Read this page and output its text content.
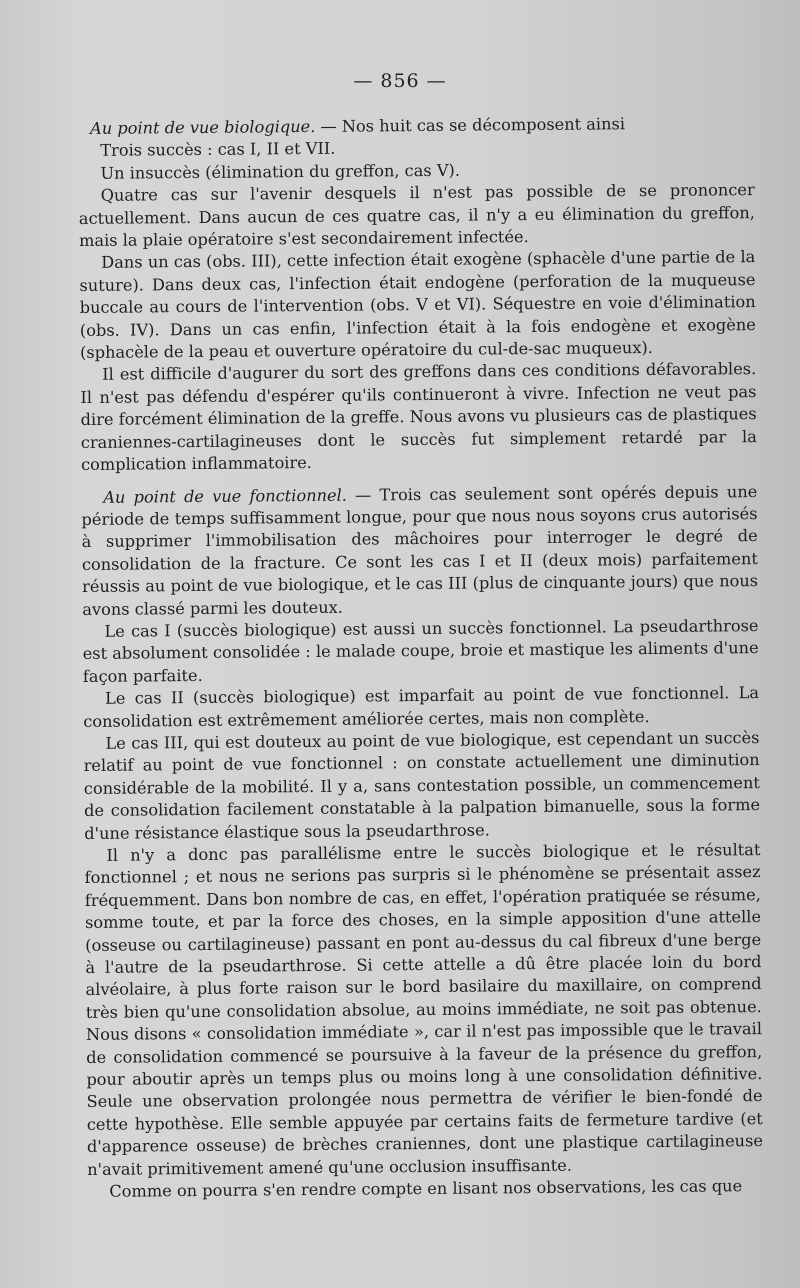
— 856 —

Au point de vue biologique. — Nos huit cas se décomposent ainsi

Trois succès : cas I, II et VII.

Un insuccès (élimination du greffon, cas V).

Quatre cas sur l'avenir desquels il n'est pas possible de se prononcer actuellement. Dans aucun de ces quatre cas, il n'y a eu élimination du greffon, mais la plaie opératoire s'est secondairement infectée.

Dans un cas (obs. III), cette infection était exogène (sphacèle d'une partie de la suture). Dans deux cas, l'infection était endogène (perforation de la muqueuse buccale au cours de l'intervention (obs. V et VI). Séquestre en voie d'élimination (obs. IV). Dans un cas enfin, l'infection était à la fois endogène et exogène (sphacèle de la peau et ouverture opératoire du cul-de-sac muqueux).

Il est difficile d'augurer du sort des greffons dans ces conditions défavorables. Il n'est pas défendu d'espérer qu'ils continueront à vivre. Infection ne veut pas dire forcément élimination de la greffe. Nous avons vu plusieurs cas de plastiques craniennes-cartilagineuses dont le succès fut simplement retardé par la complication inflammatoire.

Au point de vue fonctionnel. — Trois cas seulement sont opérés depuis une période de temps suffisamment longue, pour que nous nous soyons crus autorisés à supprimer l'immobilisation des mâchoires pour interroger le degré de consolidation de la fracture. Ce sont les cas I et II (deux mois) parfaitement réussis au point de vue biologique, et le cas III (plus de cinquante jours) que nous avons classé parmi les douteux.

Le cas I (succès biologique) est aussi un succès fonctionnel. La pseudarthrose est absolument consolidée : le malade coupe, broie et mastique les aliments d'une façon parfaite.

Le cas II (succès biologique) est imparfait au point de vue fonctionnel. La consolidation est extrêmement améliorée certes, mais non complète.

Le cas III, qui est douteux au point de vue biologique, est cependant un succès relatif au point de vue fonctionnel : on constate actuellement une diminution considérable de la mobilité. Il y a, sans contestation possible, un commencement de consolidation facilement constatable à la palpation bimanuelle, sous la forme d'une résistance élastique sous la pseudarthrose.

Il n'y a donc pas parallélisme entre le succès biologique et le résultat fonctionnel ; et nous ne serions pas surpris si le phénomène se présentait assez fréquemment. Dans bon nombre de cas, en effet, l'opération pratiquée se résume, somme toute, et par la force des choses, en la simple apposition d'une attelle (osseuse ou cartilagineuse) passant en pont au-dessus du cal fibreux d'une berge à l'autre de la pseudarthrose. Si cette attelle a dû être placée loin du bord alvéolaire, à plus forte raison sur le bord basilaire du maxillaire, on comprend très bien qu'une consolidation absolue, au moins immédiate, ne soit pas obtenue. Nous disons « consolidation immédiate », car il n'est pas impossible que le travail de consolidation commencé se poursuive à la faveur de la présence du greffon, pour aboutir après un temps plus ou moins long à une consolidation définitive. Seule une observation prolongée nous permettra de vérifier le bien-fondé de cette hypothèse. Elle semble appuyée par certains faits de fermeture tardive (et d'apparence osseuse) de brèches craniennes, dont une plastique cartilagineuse n'avait primitivement amené qu'une occlusion insuffisante.

Comme on pourra s'en rendre compte en lisant nos observations, les cas que
